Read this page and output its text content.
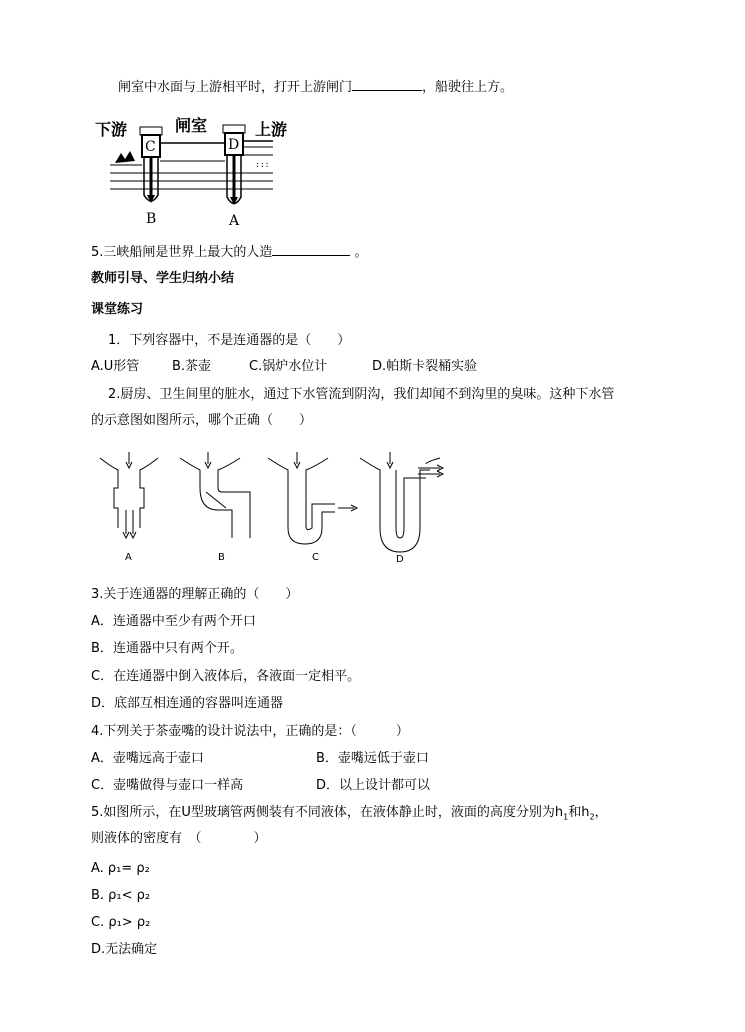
闸室中水面与上游相平时，打开上游闸门	，船驶往上方。
下游	闸室	上游
C	D
:::
B	A
5.三峡船闸是世界上最大的人造	。
教师引导、学生归纳小结
课堂练习
1．下列容器中，不是连通器的是（　　）
A.U形管	B.茶壶	C.锅炉水位计	D.帕斯卡裂桶实验
2.厨房、卫生间里的脏水，通过下水管流到阴沟，我们却闻不到沟里的臭味。这种下水管
的示意图如图所示，哪个正确（　　）
A	B	C	D
3.关于连通器的理解正确的（　　）
A．连通器中至少有两个开口
B．连通器中只有两个开。
C．在连通器中倒入液体后，各液面一定相平。
D．底部互相连通的容器叫连通器
4.下列关于茶壶嘴的设计说法中，正确的是：（　　　）
A．壶嘴远高于壶口	B．壶嘴远低于壶口
C．壶嘴做得与壶口一样高	D．以上设计都可以
5.如图所示，在U型玻璃管两侧装有不同液体，在液体静止时，液面的高度分别为$h_1$和$h_2$，
则液体的密度有　（　　　　）
A. ρ₁= ρ₂
B. ρ₁< ρ₂
C. ρ₁> ρ₂
D.无法确定
